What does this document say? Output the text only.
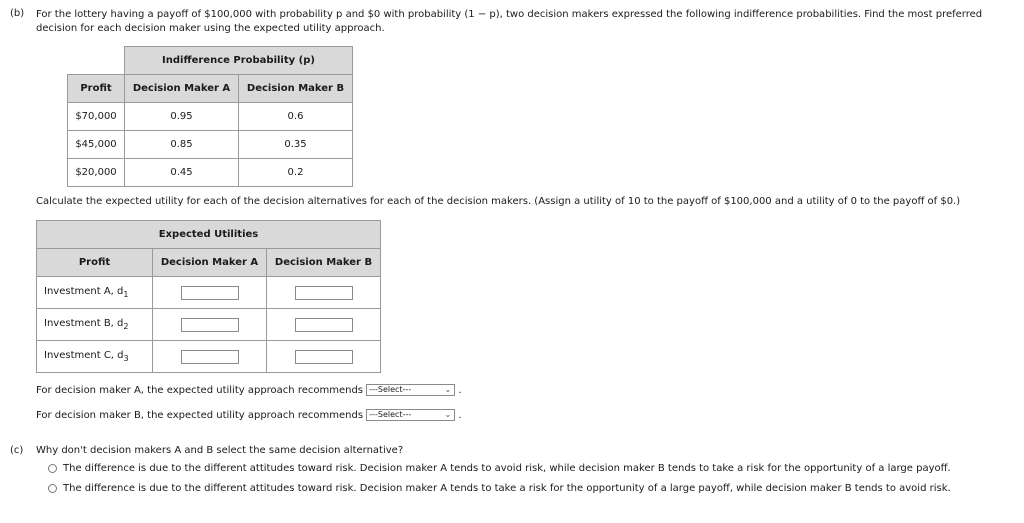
(b) For the lottery having a payoff of $100,000 with probability p and $0 with probability (1 − p), two decision makers expressed the following indifference probabilities. Find the most preferred decision for each decision maker using the expected utility approach.
	Indifference Probability (p)	
Profit	Decision Maker A	Decision Maker B
$70,000	0.95	0.6
$45,000	0.85	0.35
$20,000	0.45	0.2
Calculate the expected utility for each of the decision alternatives for each of the decision makers. (Assign a utility of 10 to the payoff of $100,000 and a utility of 0 to the payoff of $0.)
Expected Utilities		
Profit	Decision Maker A	Decision Maker B
Investment A, $d_1$		
Investment B, $d_2$		
Investment C, $d_3$		
For decision maker A, the expected utility approach recommends ---Select---	⌄ .
For decision maker B, the expected utility approach recommends ---Select---	⌄ .
(c) Why don't decision makers A and B select the same decision alternative?
The difference is due to the different attitudes toward risk. Decision maker A tends to avoid risk, while decision maker B tends to take a risk for the opportunity of a large payoff.
The difference is due to the different attitudes toward risk. Decision maker A tends to take a risk for the opportunity of a large payoff, while decision maker B tends to avoid risk.
